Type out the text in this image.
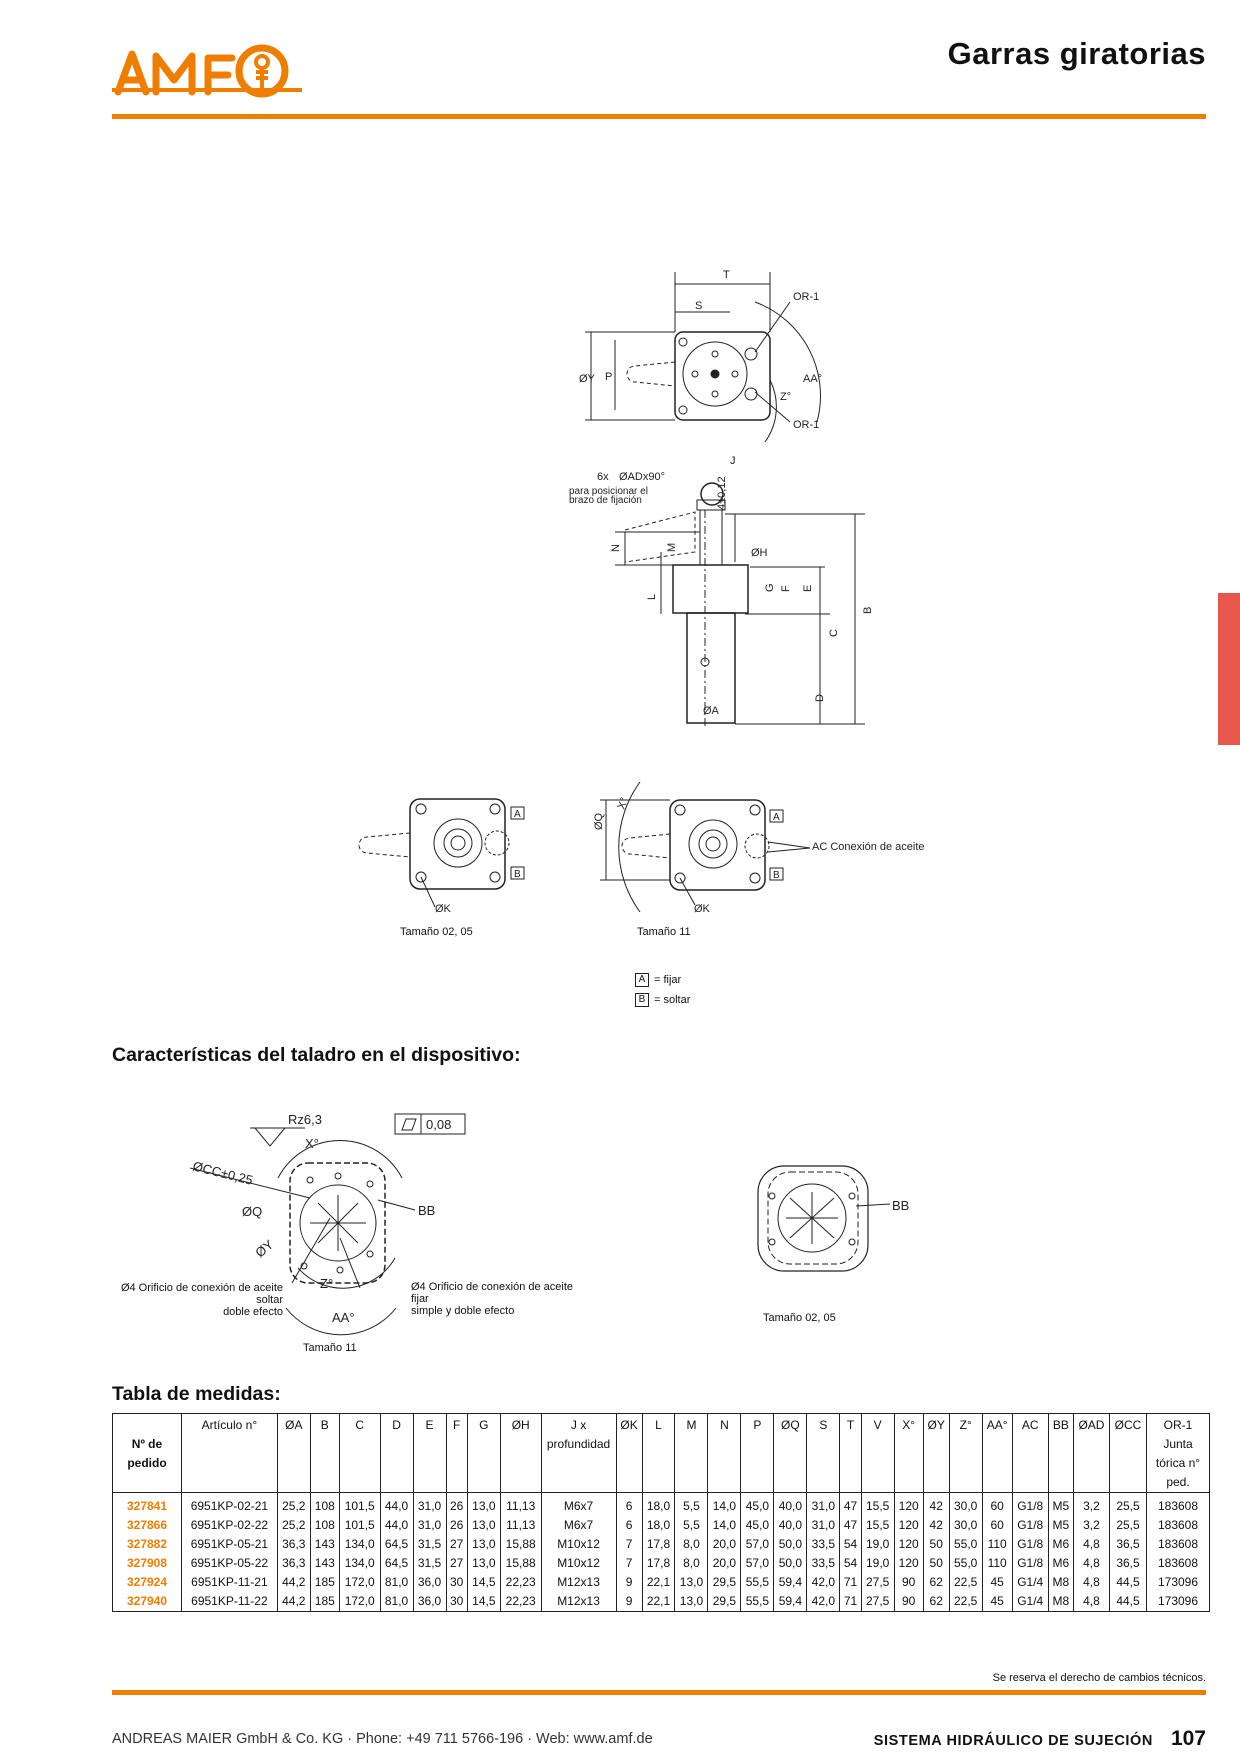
Garras giratorias
T
S
OR-1
OR-1
ØY P
Z°
AA°
J
6x ØADx90°
para posicionar el
brazo de fijación	4±0,12
M
N
L
G F E
C
B
D
ØH
ØA
A
B
ØK
Tamaño 02, 05
A
B
ØK
ØQ
X°
AC Conexión de aceite
Tamaño 11
A = fijar
B = soltar
Características del taladro en el dispositivo:
Rz6,3	0,08
X°
ØCC±0,25
ØQ
ØY
BB
Z°
AA°
Ø4 Orificio de conexión de aceite
soltar
doble efecto
Ø4 Orificio de conexión de aceite
fijar
simple y doble efecto
Tamaño 11
BB
Tamaño 02, 05
Tabla de medidas:
Nº de pedido	Artículo n°	ØA	B	C	D	E	F	G	ØH	J x profundidad	ØK	L	M	N	P	ØQ	S	T	V	X°	ØY	Z°	AA°	AC	BB	ØAD	ØCC	OR-1 Junta tórica n° ped.
327841	6951KP-02-21	25,2	108	101,5	44,0	31,0	26	13,0	11,13	M6x7	6	18,0	5,5	14,0	45,0	40,0	31,0	47	15,5	120	42	30,0	60	G1/8	M5	3,2	25,5	183608
327866	6951KP-02-22	25,2	108	101,5	44,0	31,0	26	13,0	11,13	M6x7	6	18,0	5,5	14,0	45,0	40,0	31,0	47	15,5	120	42	30,0	60	G1/8	M5	3,2	25,5	183608
327882	6951KP-05-21	36,3	143	134,0	64,5	31,5	27	13,0	15,88	M10x12	7	17,8	8,0	20,0	57,0	50,0	33,5	54	19,0	120	50	55,0	110	G1/8	M6	4,8	36,5	183608
327908	6951KP-05-22	36,3	143	134,0	64,5	31,5	27	13,0	15,88	M10x12	7	17,8	8,0	20,0	57,0	50,0	33,5	54	19,0	120	50	55,0	110	G1/8	M6	4,8	36,5	183608
327924	6951KP-11-21	44,2	185	172,0	81,0	36,0	30	14,5	22,23	M12x13	9	22,1	13,0	29,5	55,5	59,4	42,0	71	27,5	90	62	22,5	45	G1/4	M8	4,8	44,5	173096
327940	6951KP-11-22	44,2	185	172,0	81,0	36,0	30	14,5	22,23	M12x13	9	22,1	13,0	29,5	55,5	59,4	42,0	71	27,5	90	62	22,5	45	G1/4	M8	4,8	44,5	173096
Se reserva el derecho de cambios técnicos.
ANDREAS MAIER GmbH & Co. KG · Phone: +49 711 5766-196 · Web: www.amf.de	SISTEMA HIDRÁULICO DE SUJECIÓN 107
